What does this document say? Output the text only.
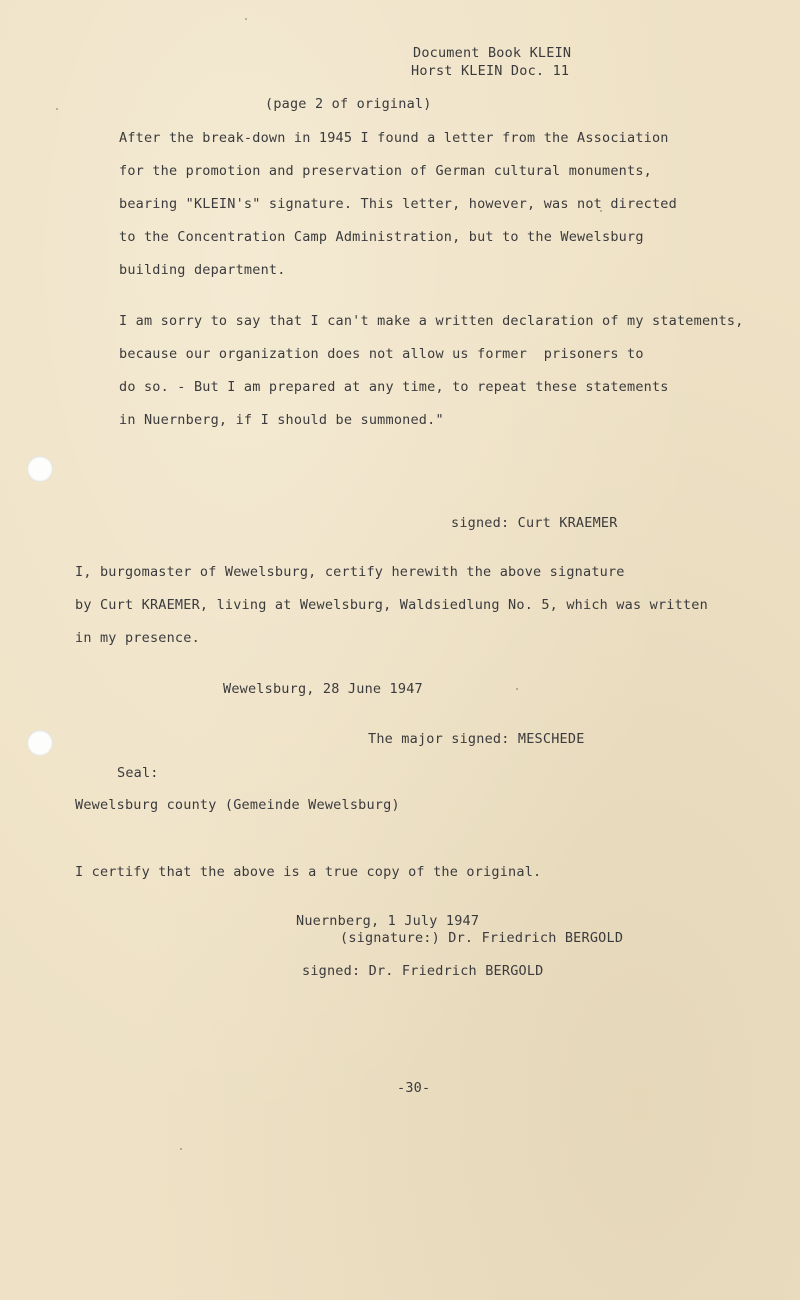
Document Book KLEIN
Horst KLEIN Doc. 11
(page 2 of original)
After the break-down in 1945 I found a letter from the Association
for the promotion and preservation of German cultural monuments,
bearing "KLEIN's" signature. This letter, however, was not directed
to the Concentration Camp Administration, but to the Wewelsburg
building department.
I am sorry to say that I can't make a written declaration of my statements,
because our organization does not allow us former  prisoners to
do so. - But I am prepared at any time, to repeat these statements
in Nuernberg, if I should be summoned."
signed: Curt KRAEMER
I, burgomaster of Wewelsburg, certify herewith the above signature
by Curt KRAEMER, living at Wewelsburg, Waldsiedlung No. 5, which was written
in my presence.
Wewelsburg, 28 June 1947
The major signed: MESCHEDE
Seal:
Wewelsburg county (Gemeinde Wewelsburg)
I certify that the above is a true copy of the original.
Nuernberg, 1 July 1947
(signature:) Dr. Friedrich BERGOLD
signed: Dr. Friedrich BERGOLD
-30-
